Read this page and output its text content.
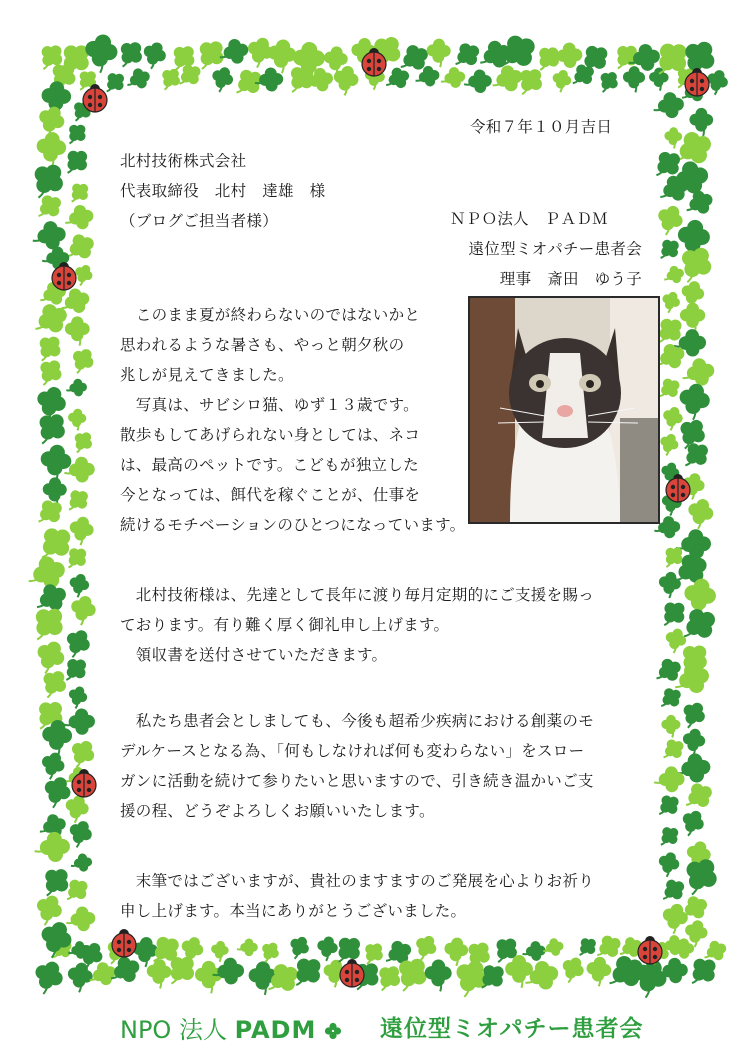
令和７年１０月吉日
北村技術株式会社
代表取締役　北村　達雄　様
（ブログご担当者様）	ＮＰＯ法人　ＰＡＤＭ
遠位型ミオパチー患者会
理事　斎田　ゆう子
　このまま夏が終わらないのではないかと
思われるような暑さも、やっと朝夕秋の
兆しが見えてきました。
　写真は、サビシロ猫、ゆず１３歳です。
散歩もしてあげられない身としては、ネコ
は、最高のペットです。こどもが独立した
今となっては、餌代を稼ぐことが、仕事を
続けるモチベーションのひとつになっています。
　北村技術様は、先達として長年に渡り毎月定期的にご支援を賜っ
ております。有り難く厚く御礼申し上げます。
　領収書を送付させていただきます。
　私たち患者会としましても、今後も超希少疾病における創薬のモ
デルケースとなる為、「何もしなければ何も変わらない」をスロー
ガンに活動を続けて参りたいと思いますので、引き続き温かいご支
援の程、どうぞよろしくお願いいたします。
　末筆ではございますが、貴社のますますのご発展を心よりお祈り
申し上げます。本当にありがとうございました。
NPO 法人 PADM	遠位型ミオパチー患者会
